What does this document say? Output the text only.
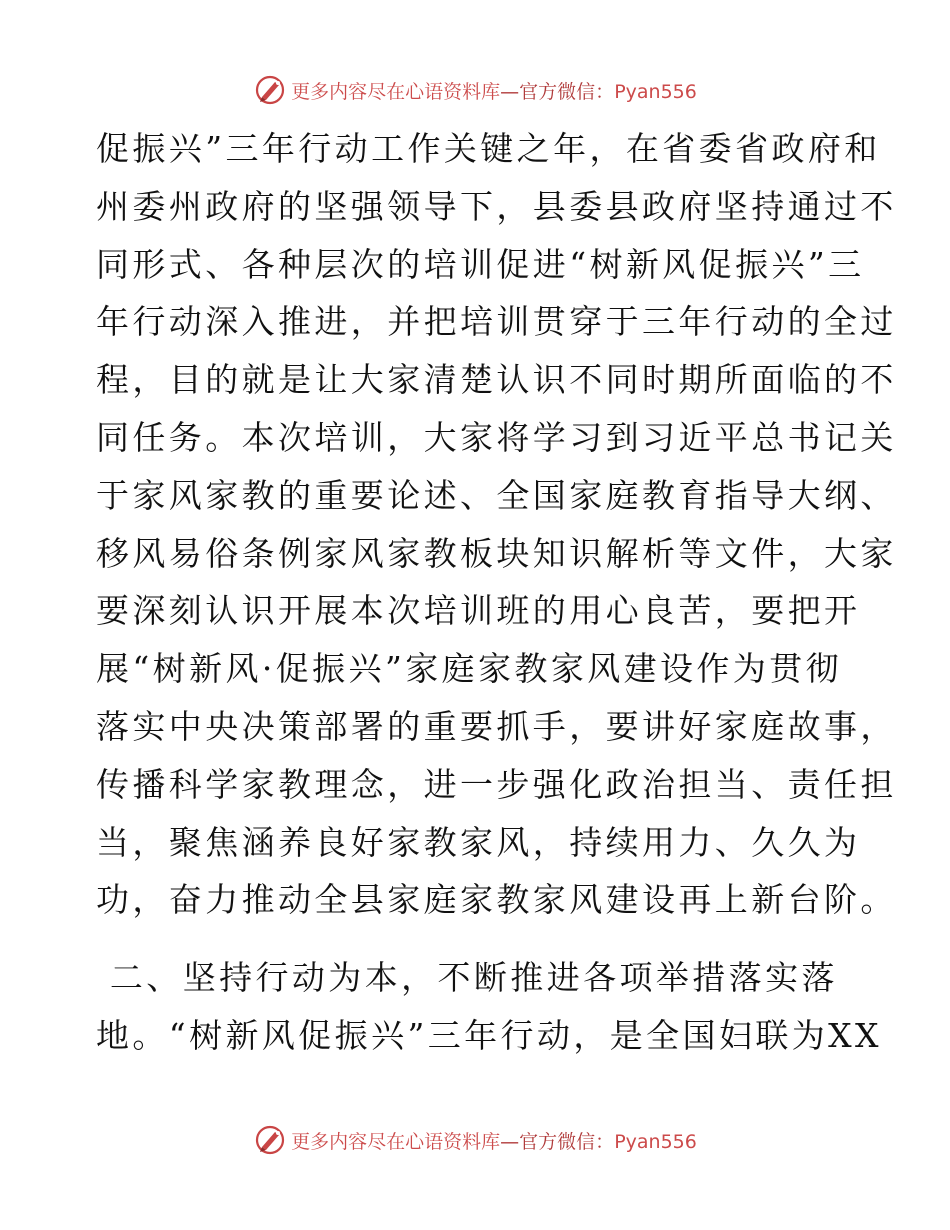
更多内容尽在心语资料库—官方微信：Pyan556
促振兴”三年行动工作关键之年，在省委省政府和
州委州政府的坚强领导下，县委县政府坚持通过不
同形式、各种层次的培训促进“树新风促振兴”三
年行动深入推进，并把培训贯穿于三年行动的全过
程，目的就是让大家清楚认识不同时期所面临的不
同任务。本次培训，大家将学习到习近平总书记关
于家风家教的重要论述、全国家庭教育指导大纲、
移风易俗条例家风家教板块知识解析等文件，大家
要深刻认识开展本次培训班的用心良苦，要把开
展“树新风·促振兴”家庭家教家风建设作为贯彻
落实中央决策部署的重要抓手，要讲好家庭故事，
传播科学家教理念，进一步强化政治担当、责任担
当，聚焦涵养良好家教家风，持续用力、久久为
功，奋力推动全县家庭家教家风建设再上新台阶。
二、坚持行动为本，不断推进各项举措落实落
地。“树新风促振兴”三年行动，是全国妇联为XX
更多内容尽在心语资料库—官方微信：Pyan556
